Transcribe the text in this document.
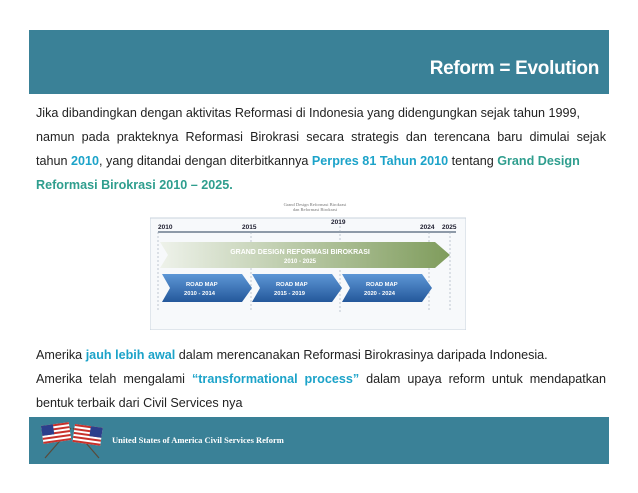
Reform = Evolution
Jika dibandingkan dengan aktivitas Reformasi di Indonesia yang didengungkan sejak tahun 1999,
namun pada prakteknya Reformasi Birokrasi secara strategis dan terencana baru dimulai sejak
tahun 2010, yang ditandai dengan diterbitkannya Perpres 81 Tahun 2010 tentang Grand Design
Reformasi Birokrasi 2010 – 2025.
Grand Design Reformasi Birokrasi
dan Reformasi Birokrasi
2010	2015
2019
2024 2025
GRAND DESIGN REFORMASI BIROKRASI
2010 - 2025
ROAD MAP
2010 - 2014
ROAD MAP
2015 - 2019
ROAD MAP
2020 - 2024
Amerika jauh lebih awal dalam merencanakan Reformasi Birokrasinya daripada Indonesia.
Amerika telah mengalami “transformational process” dalam upaya reform untuk mendapatkan
bentuk terbaik dari Civil Services nya
United States of America Civil Services Reform
